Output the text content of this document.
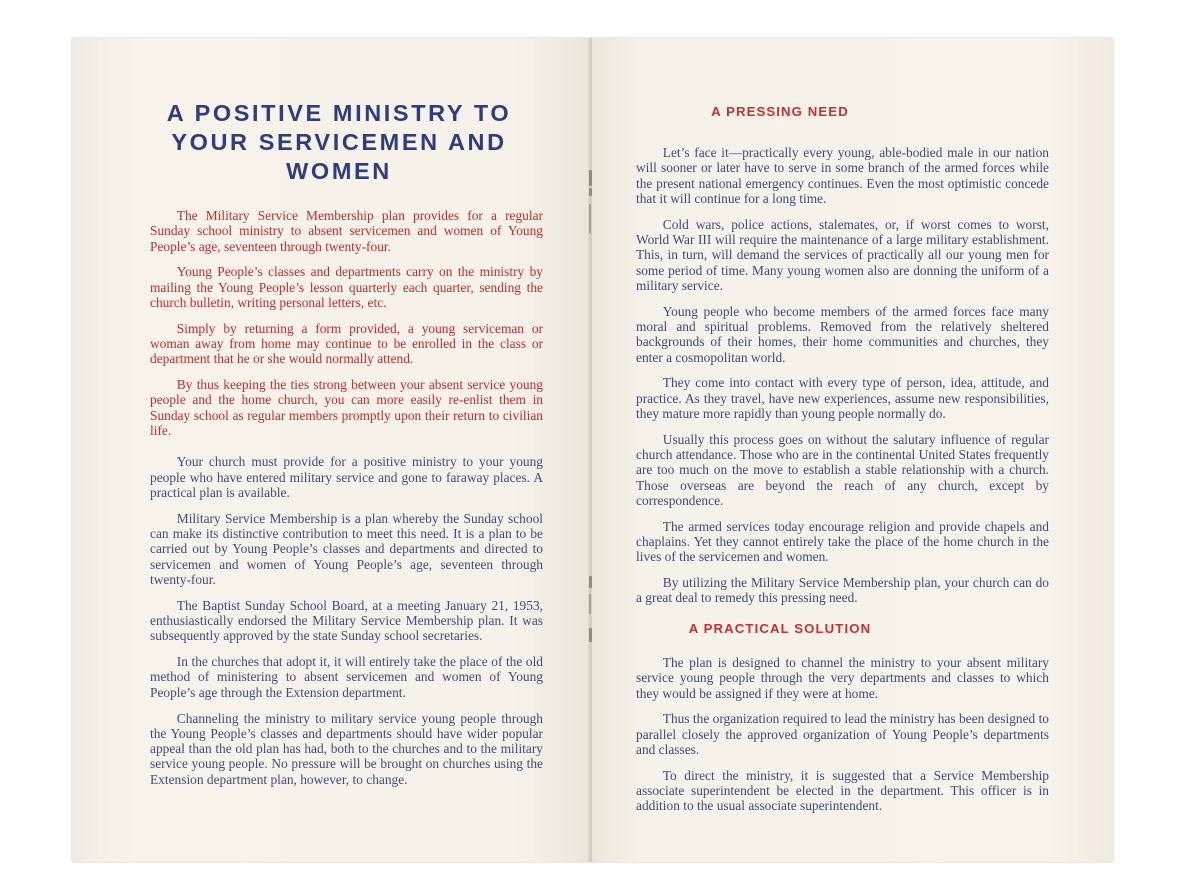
A POSITIVE MINISTRY TO YOUR SERVICEMEN AND WOMEN

The Military Service Membership plan provides for a regular Sunday school ministry to absent servicemen and women of Young People’s age, seventeen through twenty-four.

Young People’s classes and departments carry on the ministry by mailing the Young People’s lesson quarterly each quarter, sending the church bulletin, writing personal letters, etc.

Simply by returning a form provided, a young serviceman or woman away from home may continue to be enrolled in the class or department that he or she would normally attend.

By thus keeping the ties strong between your absent service young people and the home church, you can more easily re-enlist them in Sunday school as regular members promptly upon their return to civilian life.

Your church must provide for a positive ministry to your young people who have entered military service and gone to faraway places. A practical plan is available.

Military Service Membership is a plan whereby the Sunday school can make its distinctive contribution to meet this need. It is a plan to be carried out by Young People’s classes and departments and directed to servicemen and women of Young People’s age, seventeen through twenty-four.

The Baptist Sunday School Board, at a meeting January 21, 1953, enthusiastically endorsed the Military Service Membership plan. It was subsequently approved by the state Sunday school secretaries.

In the churches that adopt it, it will entirely take the place of the old method of ministering to absent servicemen and women of Young People’s age through the Extension department.

Channeling the ministry to military service young people through the Young People’s classes and departments should have wider popular appeal than the old plan has had, both to the churches and to the military service young people. No pressure will be brought on churches using the Extension department plan, however, to change.

A PRESSING NEED

Let’s face it—practically every young, able-bodied male in our nation will sooner or later have to serve in some branch of the armed forces while the present national emergency continues. Even the most optimistic concede that it will continue for a long time.

Cold wars, police actions, stalemates, or, if worst comes to worst, World War III will require the maintenance of a large military establishment. This, in turn, will demand the services of practically all our young men for some period of time. Many young women also are donning the uniform of a military service.

Young people who become members of the armed forces face many moral and spiritual problems. Removed from the relatively sheltered backgrounds of their homes, their home communities and churches, they enter a cosmopolitan world.

They come into contact with every type of person, idea, attitude, and practice. As they travel, have new experiences, assume new responsibilities, they mature more rapidly than young people normally do.

Usually this process goes on without the salutary influence of regular church attendance. Those who are in the continental United States frequently are too much on the move to establish a stable relationship with a church. Those overseas are beyond the reach of any church, except by correspondence.

The armed services today encourage religion and provide chapels and chaplains. Yet they cannot entirely take the place of the home church in the lives of the servicemen and women.

By utilizing the Military Service Membership plan, your church can do a great deal to remedy this pressing need.

A PRACTICAL SOLUTION

The plan is designed to channel the ministry to your absent military service young people through the very departments and classes to which they would be assigned if they were at home.

Thus the organization required to lead the ministry has been designed to parallel closely the approved organization of Young People’s departments and classes.

To direct the ministry, it is suggested that a Service Membership associate superintendent be elected in the department. This officer is in addition to the usual associate superintendent.
